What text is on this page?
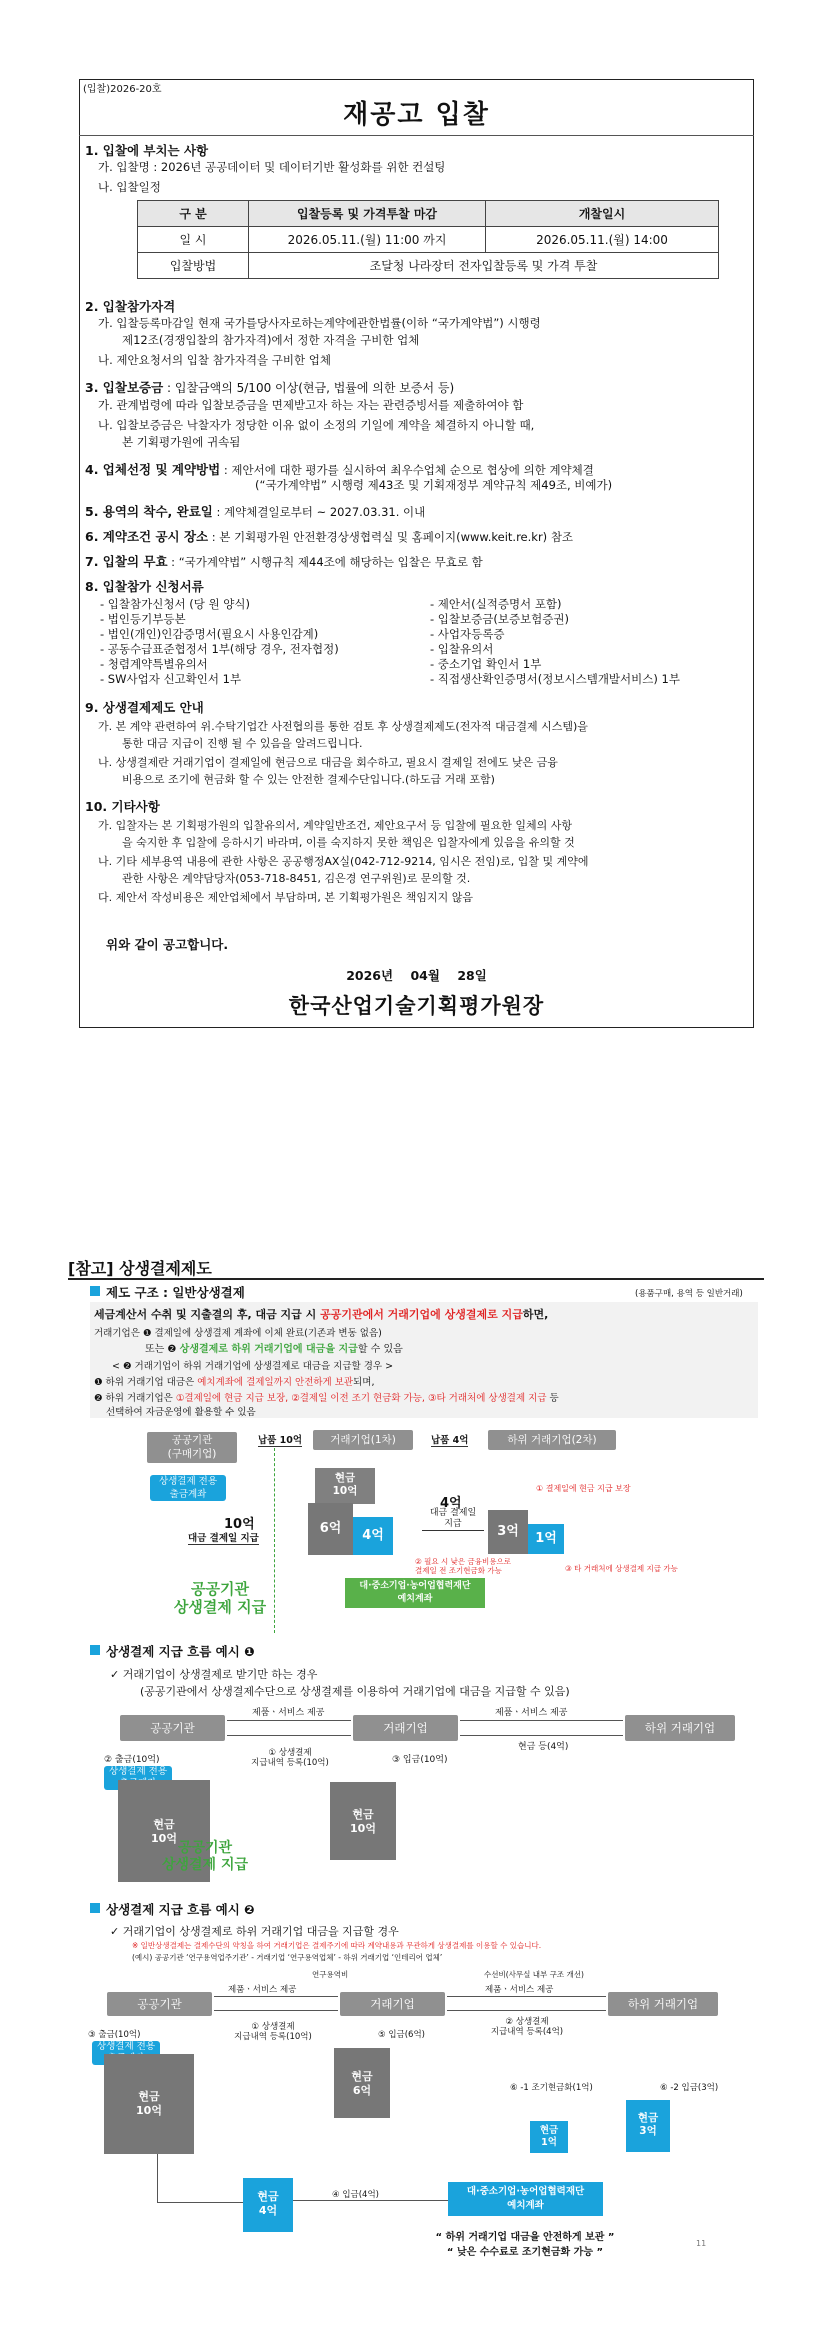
(입찰)2026-20호
재공고 입찰
1. 입찰에 부치는 사항
가. 입찰명 : 2026년 공공데이터 및 데이터기반 활성화를 위한 컨설팅
나. 입찰일정
구 분	입찰등록 및 가격투찰 마감	개찰일시
일 시	2026.05.11.(월) 11:00 까지	2026.05.11.(월) 14:00
입찰방법	조달청 나라장터 전자입찰등록 및 가격 투찰	
2. 입찰참가자격
가. 입찰등록마감일 현재 국가를당사자로하는계약에관한법률(이하 “국가계약법”) 시행령
제12조(경쟁입찰의 참가자격)에서 정한 자격을 구비한 업체
나. 제안요청서의 입찰 참가자격을 구비한 업체
3. 입찰보증금 : 입찰금액의 5/100 이상(현금, 법률에 의한 보증서 등)
가. 관계법령에 따라 입찰보증금을 면제받고자 하는 자는 관련증빙서를 제출하여야 함
나. 입찰보증금은 낙찰자가 정당한 이유 없이 소정의 기일에 계약을 체결하지 아니할 때,
본 기획평가원에 귀속됨
4. 업체선정 및 계약방법 : 제안서에 대한 평가를 실시하여 최우수업체 순으로 협상에 의한 계약체결
(“국가계약법” 시행령 제43조 및 기획재정부 계약규칙 제49조, 비예가)
5. 용역의 착수, 완료일 : 계약체결일로부터 ~ 2027.03.31. 이내
6. 계약조건 공시 장소 : 본 기획평가원 안전환경상생협력실 및 홈페이지(www.keit.re.kr) 참조
7. 입찰의 무효 : “국가계약법” 시행규칙 제44조에 해당하는 입찰은 무효로 함
8. 입찰참가 신청서류
- 입찰참가신청서 (당 원 양식)
- 법인등기부등본
- 법인(개인)인감증명서(필요시 사용인감계)
- 공동수급표준협정서 1부(해당 경우, 전자협정)
- 청렴계약특별유의서
- SW사업자 신고확인서 1부
- 제안서(실적증명서 포함)
- 입찰보증금(보증보험증권)
- 사업자등록증
- 입찰유의서
- 중소기업 확인서 1부
- 직접생산확인증명서(정보시스템개발서비스) 1부
9. 상생결제제도 안내
가. 본 계약 관련하여 위․수탁기업간 사전협의를 통한 검토 후 상생결제제도(전자적 대금결제 시스템)을
통한 대금 지급이 진행 될 수 있음을 알려드립니다.
나. 상생결제란 거래기업이 결제일에 현금으로 대금을 회수하고, 필요시 결제일 전에도 낮은 금융
비용으로 조기에 현금화 할 수 있는 안전한 결제수단입니다.(하도급 거래 포함)
10. 기타사항
가. 입찰자는 본 기획평가원의 입찰유의서, 계약일반조건, 제안요구서 등 입찰에 필요한 일체의 사항
을 숙지한 후 입찰에 응하시기 바라며, 이를 숙지하지 못한 책임은 입찰자에게 있음을 유의할 것
나. 기타 세부용역 내용에 관한 사항은 공공행정AX실(042-712-9214, 임시은 전임)로, 입찰 및 계약에
관한 사항은 계약담당자(053-718-8451, 김은경 연구위원)로 문의할 것.
다. 제안서 작성비용은 제안업체에서 부담하며, 본 기획평가원은 책임지지 않음
위와 같이 공고합니다.
2026년    04월    28일
한국산업기술기획평가원장
[참고] 상생결제제도
제도 구조 : 일반상생결제	(용품구매, 용역 등 일반거래)
세금계산서 수취 및 지출결의 후, 대금 지급 시 공공기관에서 거래기업에 상생결제로 지급하면,
거래기업은 ❶ 결제일에 상생결제 계좌에 이체 완료(기존과 변동 없음)
또는 ❷ 상생결제로 하위 거래기업에 대금을 지급할 수 있음
< ❷ 거래기업이 하위 거래기업에 상생결제로 대금을 지급할 경우 >
❶ 하위 거래기업 대금은 예치계좌에 결제일까지 안전하게 보관되며,
❷ 하위 거래기업은 ①결제일에 현금 지급 보장, ②결제일 이전 조기 현금화 가능, ③타 거래처에 상생결제 지급 등
선택하여 자금운영에 활용할 수 있음
공공기관
(구매기업)
납품 10억	거래기업(1차)	납품 4억	하위 거래기업(2차)
상생결제 전용
출금계좌
10억
대금 결제일 지급
현금
10억
6억	4억
4억
대금 결제일
지급	3억	1억
① 결제일에 현금 지급 보장
② 필요 시 낮은 금융비용으로
결제일 전 조기현금화 가능	③ 타 거래처에 상생결제 지급 가능
대·중소기업·농어업협력재단
예치계좌
공공기관
상생결제 지급
상생결제 지급 흐름 예시 ❶
✓ 거래기업이 상생결제로 받기만 하는 경우
(공공기관에서 상생결제수단으로 상생결제를 이용하여 거래기업에 대금을 지급할 수 있음)
공공기관	거래기업	하위 거래기업
제품ㆍ서비스 제공	제품ㆍ서비스 제공
① 상생결제
지급내역 등록(10억)
현금 등(4억)
② 출금(10억)	③ 입금(10억)
상생결제 전용

현금
10억
현금
10억
공공기관
상생결제 지급
상생결제 지급 흐름 예시 ❷
✓ 거래기업이 상생결제로 하위 거래기업 대금을 지급할 경우
※ 일반상생결제는 결제수단의 약칭을 하여 거래기업은 결제주기에 따라 계약내용과 무관하게 상생결제를 이용할 수 있습니다.
(예시) 공공기관 ‘연구용역업주기관’ - 거래기업 ‘연구용역업체’ - 하위 거래기업 ‘인테리어 업체’
연구용역비	수선비(사무실 내부 구조 개선)
공공기관	거래기업	하위 거래기업
제품ㆍ서비스 제공	제품ㆍ서비스 제공
① 상생결제
지급내역 등록(10억)
② 상생결제
지급내역 등록(4억)
③ 출금(10억)	⑤ 입금(6억)
⑥ -1 조기현금화(1억)	⑥ -2 입금(3억)
상생결제 전용

현금
10억
현금
6억
현금
4억
현금
1억
현금
3억
④ 입금(4억)	대·중소기업·농어업협력재단
예치계좌
“ 하위 거래기업 대금을 안전하게 보관 ”
“ 낮은 수수료로 조기현금화 가능 ”
11
